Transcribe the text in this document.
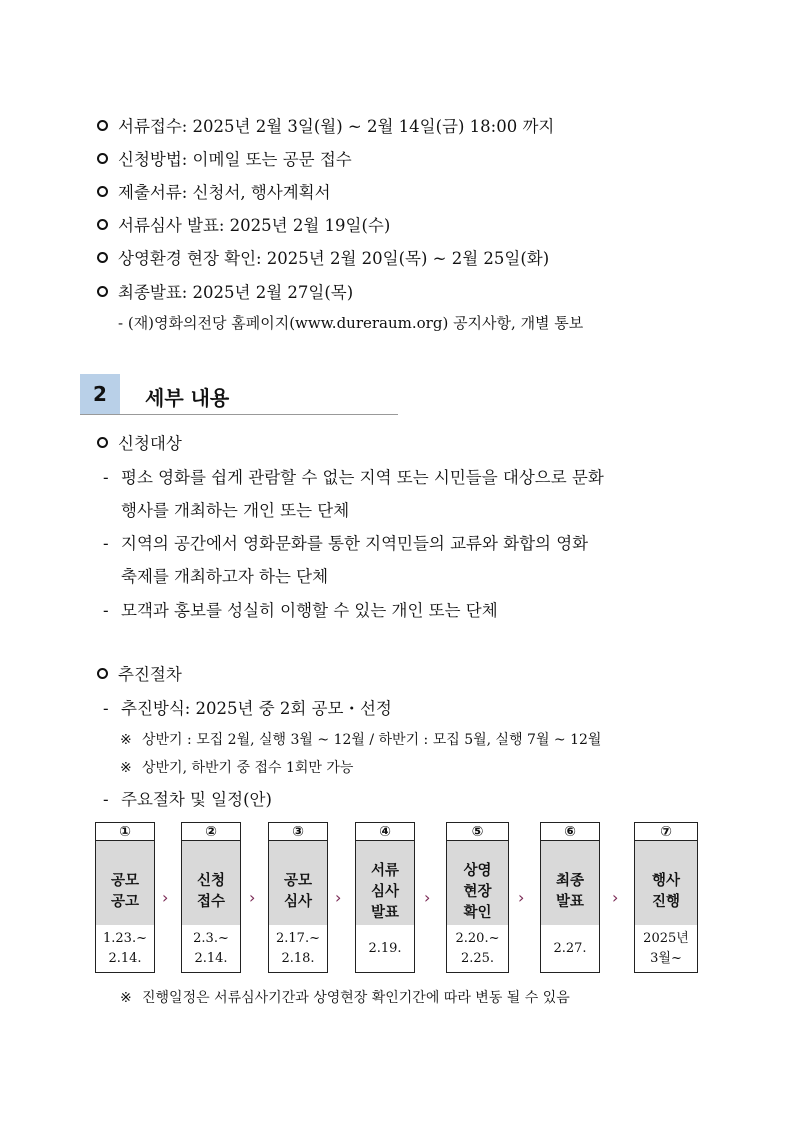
서류접수: 2025년 2월 3일(월) ~ 2월 14일(금) 18:00 까지
신청방법: 이메일 또는 공문 접수
제출서류: 신청서, 행사계획서
서류심사 발표: 2025년 2월 19일(수)
상영환경 현장 확인: 2025년 2월 20일(목) ~ 2월 25일(화)
최종발표: 2025년 2월 27일(목)
- (재)영화의전당 홈페이지(www.dureraum.org) 공지사항, 개별 통보
2	세부 내용
신청대상
- 평소 영화를 쉽게 관람할 수 없는 지역 또는 시민들을 대상으로 문화
행사를 개최하는 개인 또는 단체
- 지역의 공간에서 영화문화를 통한 지역민들의 교류와 화합의 영화
축제를 개최하고자 하는 단체
- 모객과 홍보를 성실히 이행할 수 있는 개인 또는 단체
추진절차
- 추진방식: 2025년 중 2회 공모・선정
※ 상반기 : 모집 2월, 실행 3월 ~ 12월 / 하반기 : 모집 5월, 실행 7월 ~ 12월
※ 상반기, 하반기 중 접수 1회만 가능
- 주요절차 및 일정(안)
①
공모
공고
1.23.~
2.14.
›
②
신청
접수
2.3.~
2.14.
›
③
공모
심사
2.17.~
2.18.
›
④
서류
심사
발표
2.19.
›
⑤
상영
현장
확인
2.20.~
2.25.
›
⑥
최종
발표
2.27.
›
⑦
행사
진행
2025년
3월~
※ 진행일정은 서류심사기간과 상영현장 확인기간에 따라 변동 될 수 있음
